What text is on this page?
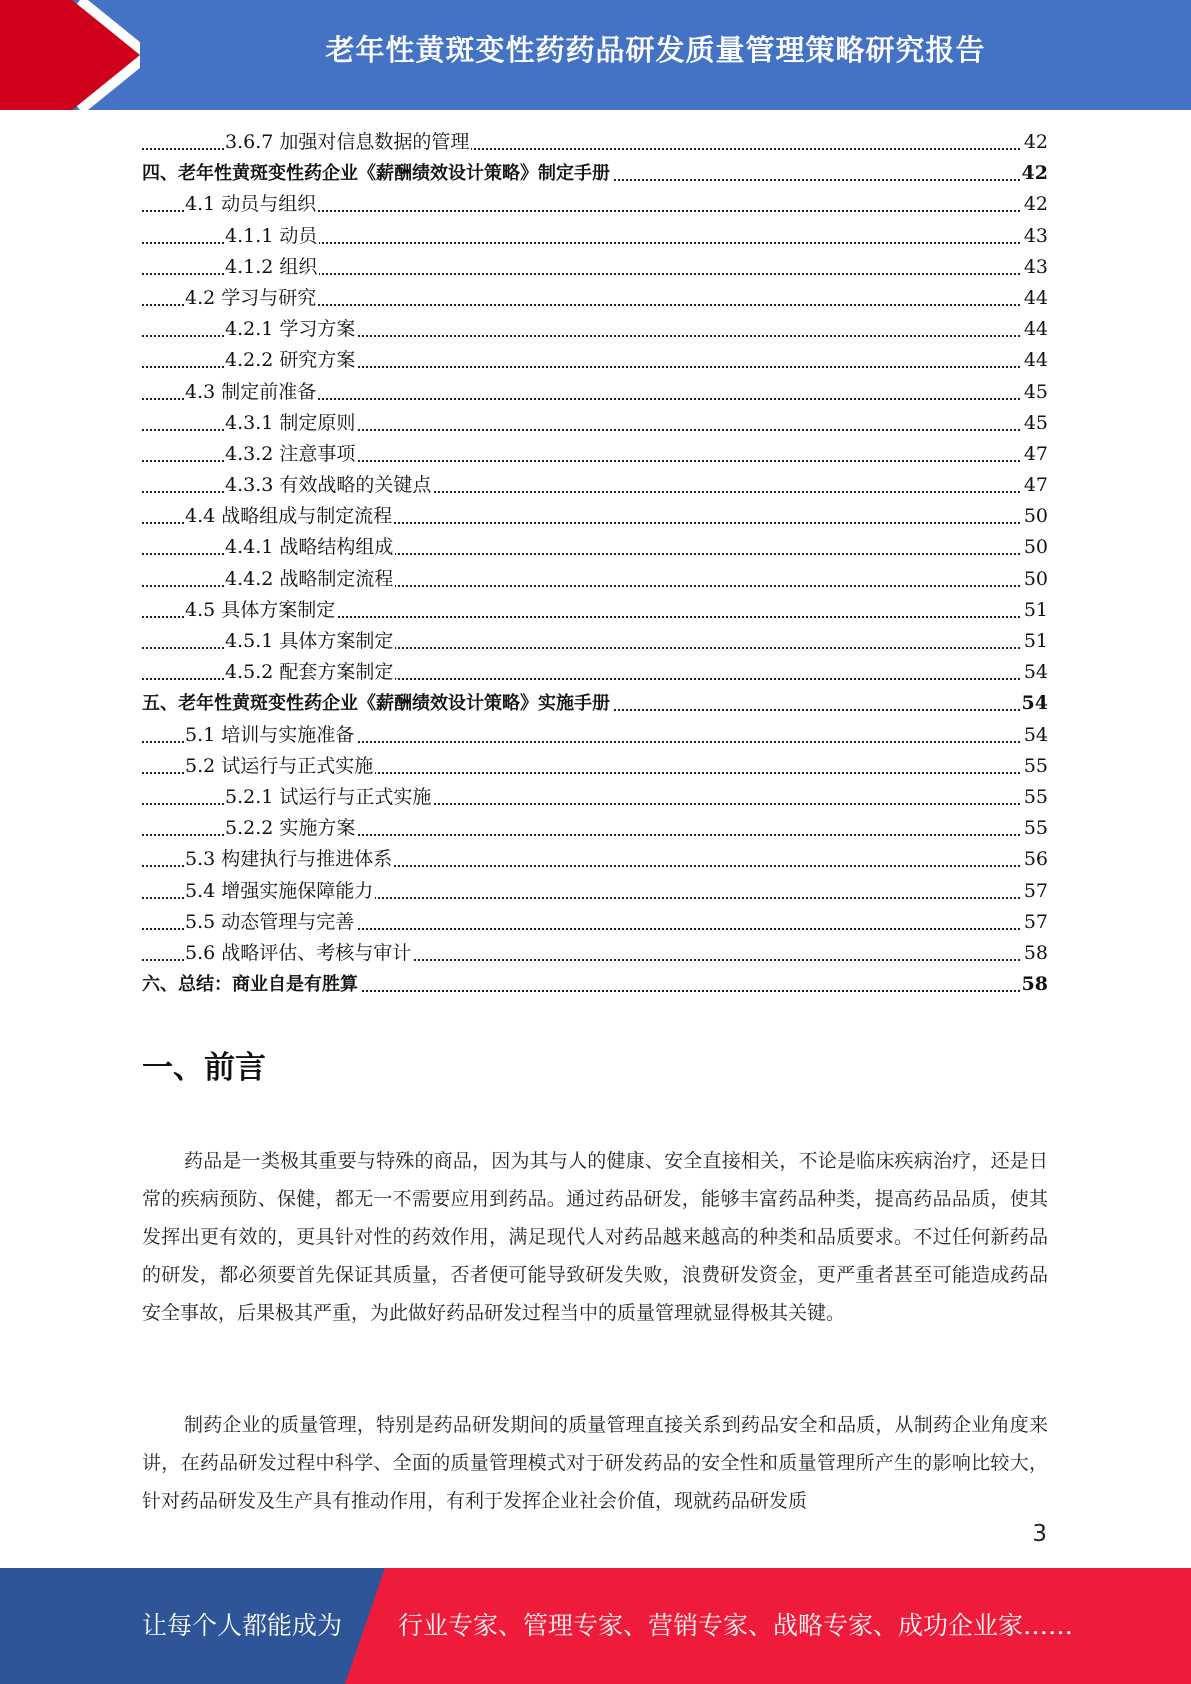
老年性黄斑变性药药品研发质量管理策略研究报告
3.6.7 加强对信息数据的管理	42
四、老年性黄斑变性药企业《薪酬绩效设计策略》制定手册	42
4.1 动员与组织	42
4.1.1 动员	43
4.1.2 组织	43
4.2 学习与研究	44
4.2.1 学习方案	44
4.2.2 研究方案	44
4.3 制定前准备	45
4.3.1 制定原则	45
4.3.2 注意事项	47
4.3.3 有效战略的关键点	47
4.4 战略组成与制定流程	50
4.4.1 战略结构组成	50
4.4.2 战略制定流程	50
4.5 具体方案制定	51
4.5.1 具体方案制定	51
4.5.2 配套方案制定	54
五、老年性黄斑变性药企业《薪酬绩效设计策略》实施手册	54
5.1 培训与实施准备	54
5.2 试运行与正式实施	55
5.2.1 试运行与正式实施	55
5.2.2 实施方案	55
5.3 构建执行与推进体系	56
5.4 增强实施保障能力	57
5.5 动态管理与完善	57
5.6 战略评估、考核与审计	58
六、总结：商业自是有胜算	58
一、前言
药品是一类极其重要与特殊的商品，因为其与人的健康、安全直接相关，不论是临床疾病治疗，还是日常的疾病预防、保健，都无一不需要应用到药品。通过药品研发，能够丰富药品种类，提高药品品质，使其发挥出更有效的，更具针对性的药效作用，满足现代人对药品越来越高的种类和品质要求。不过任何新药品的研发，都必须要首先保证其质量，否者便可能导致研发失败，浪费研发资金，更严重者甚至可能造成药品安全事故，后果极其严重，为此做好药品研发过程当中的质量管理就显得极其关键。
制药企业的质量管理，特别是药品研发期间的质量管理直接关系到药品安全和品质，从制药企业角度来讲，在药品研发过程中科学、全面的质量管理模式对于研发药品的安全性和质量管理所产生的影响比较大，针对药品研发及生产具有推动作用，有利于发挥企业社会价值，现就药品研发质
3
让每个人都能成为 行业专家、管理专家、营销专家、战略专家、成功企业家……
